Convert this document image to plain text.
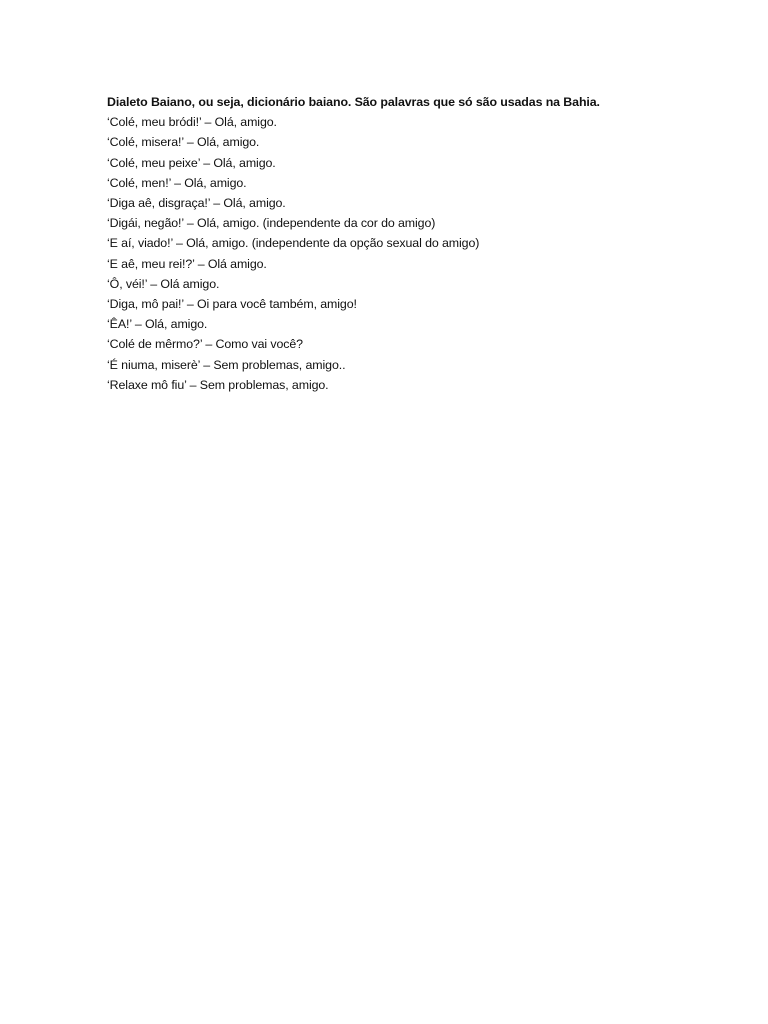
Dialeto Baiano, ou seja, dicionário baiano. São palavras que só são usadas na Bahia.
‘Colé, meu bródi!’ – Olá, amigo.
‘Colé, misera!’ – Olá, amigo.
‘Colé, meu peixe’ – Olá, amigo.
‘Colé, men!’ – Olá, amigo.
‘Diga aê, disgraça!’ – Olá, amigo.
‘Digái, negão!’ – Olá, amigo. (independente da cor do amigo)
‘E aí, viado!’ – Olá, amigo. (independente da opção sexual do amigo)
‘E aê, meu rei!?’ – Olá amigo.
‘Ô, véi!’ – Olá amigo.
‘Diga, mô pai!’ – Oi para você também, amigo!
‘ÊA!’ – Olá, amigo.
‘Colé de mêrmo?’ – Como vai você?
‘É niuma, miserè’ – Sem problemas, amigo..
‘Relaxe mô fiu’ – Sem problemas, amigo.
